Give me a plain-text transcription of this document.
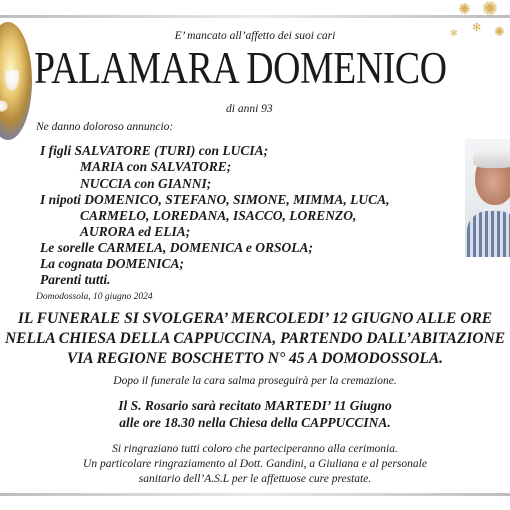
✺ ✺
✻ ✺
✻
E’ mancato all’affetto dei suoi cari
PALAMARA DOMENICO
di anni 93
Ne danno doloroso annuncio:
I figli SALVATORE (TURI) con LUCIA;
MARIA con SALVATORE;
NUCCIA con GIANNI;
I nipoti DOMENICO, STEFANO, SIMONE, MIMMA, LUCA,
CARMELO, LOREDANA, ISACCO, LORENZO,
AURORA ed ELIA;
Le sorelle CARMELA, DOMENICA e ORSOLA;
La cognata DOMENICA;
Parenti tutti.
Domodossola, 10 giugno 2024
IL FUNERALE SI SVOLGERA’ MERCOLEDI’ 12 GIUGNO ALLE ORE
NELLA CHIESA DELLA CAPPUCCINA, PARTENDO DALL’ABITAZIONE
VIA REGIONE BOSCHETTO N° 45 A DOMODOSSOLA.
Dopo il funerale la cara salma proseguirà per la cremazione.
Il S. Rosario sarà recitato MARTEDI’ 11 Giugno
alle ore 18.30 nella Chiesa della CAPPUCCINA.
Si ringraziano tutti coloro che parteciperanno alla cerimonia.
Un particolare ringraziamento al Dott. Gandini, a Giuliana e al personale
sanitario dell’A.S.L per le affettuose cure prestate.
